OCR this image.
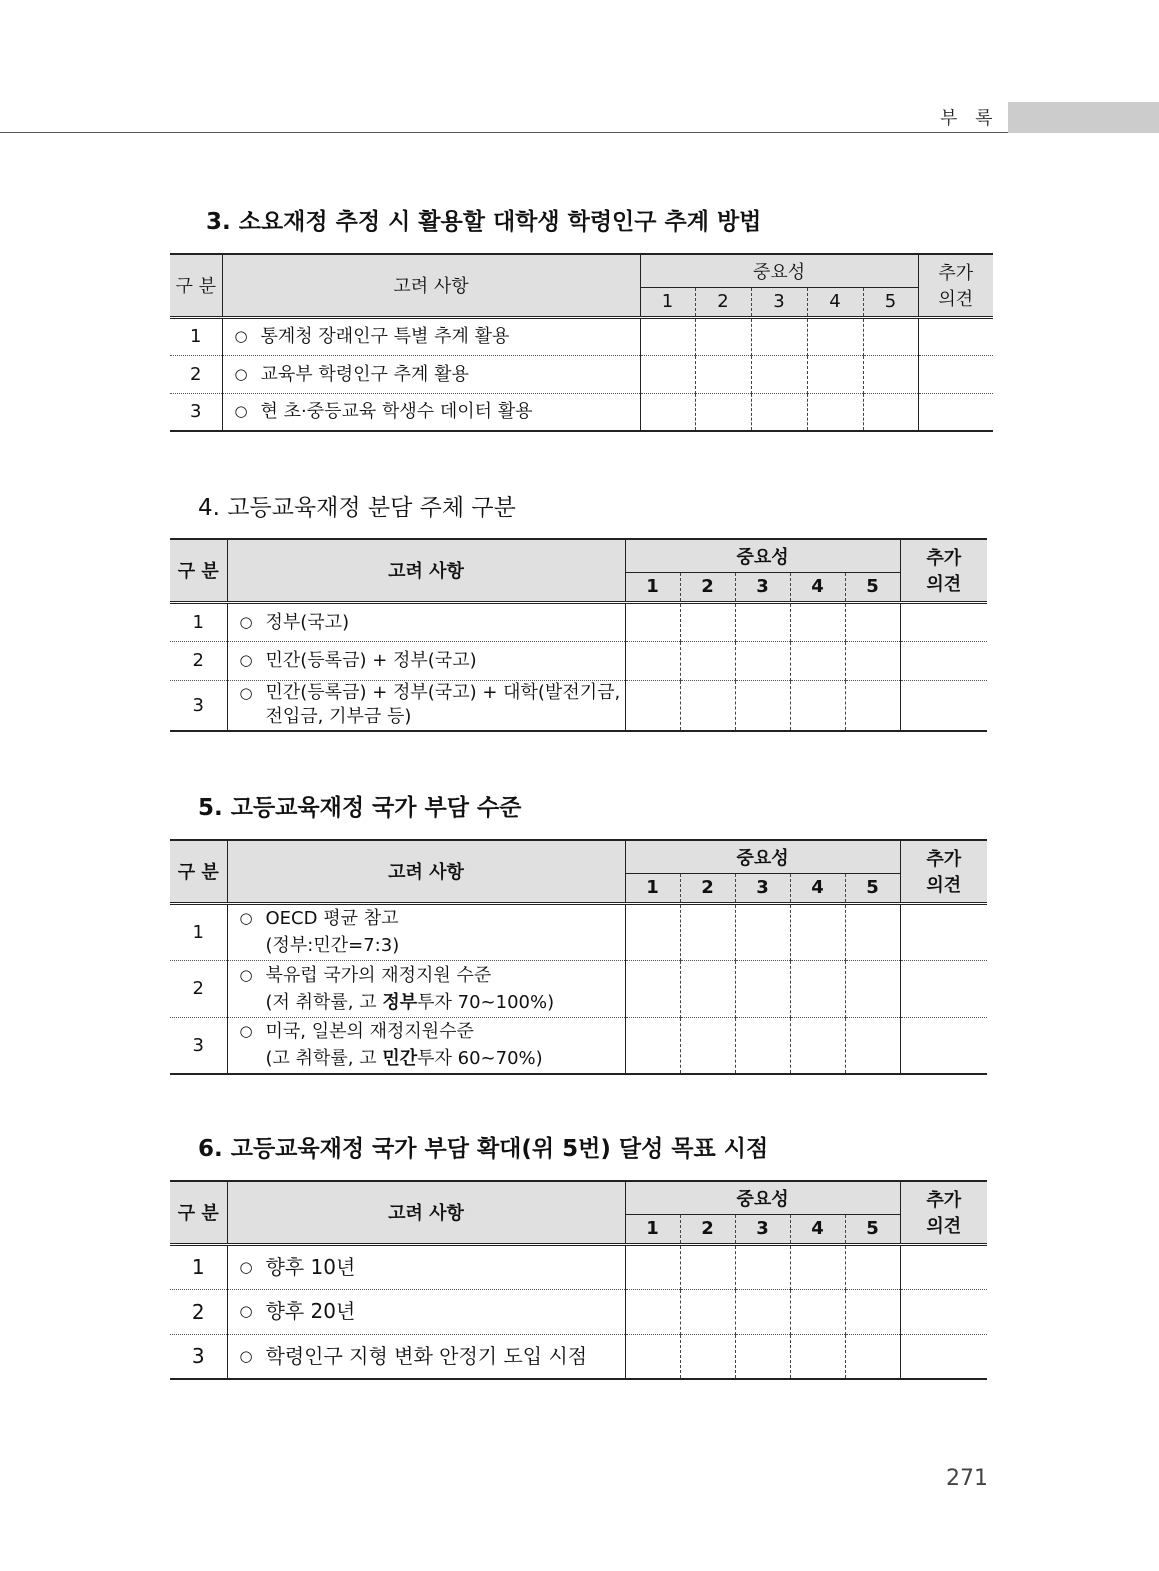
부 록
3. 소요재정 추정 시 활용할 대학생 학령인구 추계 방법
구 분	고려 사항	중요성					추가
의견
		1	2	3	4	5	
1	○ 통계청 장래인구 특별 추계 활용						

2	○ 교육부 학령인구 추계 활용						

3	○ 현 초·중등교육 학생수 데이터 활용						

4. 고등교육재정 분담 주체 구분
구 분	고려 사항	중요성					추가
의견
		1	2	3	4	5	
1	○ 정부(국고)						

2	○ 민간(등록금) + 정부(국고)						

3	○ 민간(등록금) + 정부(국고) + 대학(발전기금,
전입금, 기부금 등)						

5. 고등교육재정 국가 부담 수준
구 분	고려 사항	중요성					추가
의견
		1	2	3	4	5	
1	○ OECD 평균 참고
(정부:민간=7:3)						

2	○ 북유럽 국가의 재정지원 수준
(저 취학률, 고 정부투자 70~100%)						

3	○ 미국, 일본의 재정지원수준
(고 취학률, 고 민간투자 60~70%)						

6. 고등교육재정 국가 부담 확대(위 5번) 달성 목표 시점
구 분	고려 사항	중요성					추가
의견
		1	2	3	4	5	
1	○ 향후 10년						

2	○ 향후 20년						

3	○ 학령인구 지형 변화 안정기 도입 시점						

271
